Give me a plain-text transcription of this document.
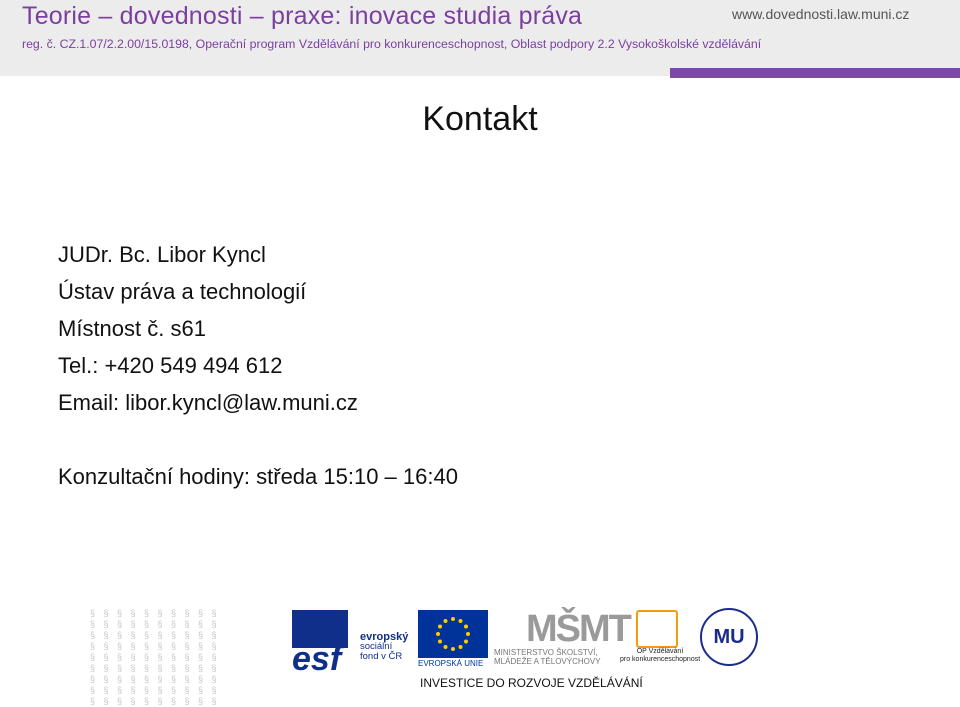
Teorie – dovednosti – praxe: inovace studia práva	www.dovednosti.law.muni.cz
reg. č. CZ.1.07/2.2.00/15.0198, Operační program Vzdělávání pro konkurenceschopnost, Oblast podpory 2.2 Vysokoškolské vzdělávání
Kontakt
JUDr. Bc. Libor Kyncl
Ústav práva a technologií
Místnost č. s61
Tel.: +420 549 494 612
Email: libor.kyncl@law.muni.cz
Konzultační hodiny: středa 15:10 – 16:40
§ § § § § § § § § §
§ § § § § § § § § §
§ § § § § § § § § §
§ § § § § § § § § §
§ § § § § § § § § §
§ § § § § § § § § §
§ § § § § § § § § §
§ § § § § § § § § §
§ § § § § § § § § §

esf
evropský
sociální
fond v ČR
EVROPSKÁ UNIE
MŠMT
MINISTERSTVO ŠKOLSTVÍ,
MLÁDEŽE A TĚLOVÝCHOVY
OP Vzdělávání
pro konkurenceschopnost
MU
INVESTICE DO ROZVOJE VZDĚLÁVÁNÍ
